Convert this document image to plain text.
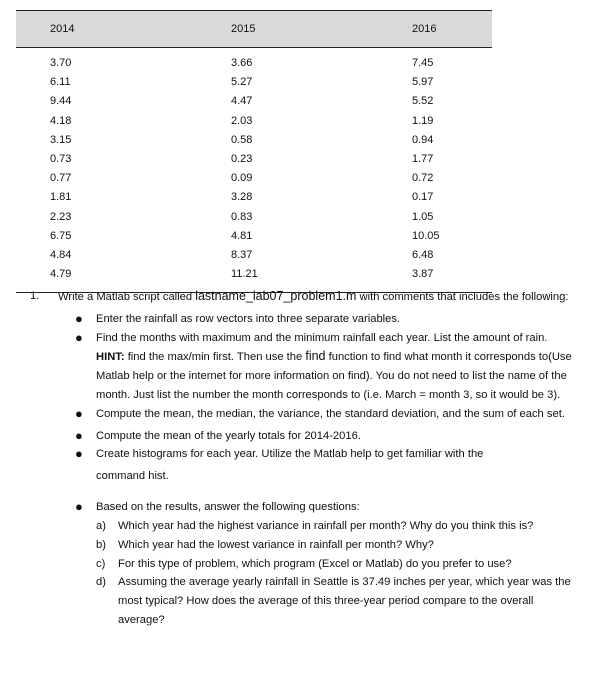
2014	2015	2016
3.70	3.66	7.45
6.11	5.27	5.97
9.44	4.47	5.52
4.18	2.03	1.19
3.15	0.58	0.94
0.73	0.23	1.77
0.77	0.09	0.72
1.81	3.28	0.17
2.23	0.83	1.05
6.75	4.81	10.05
4.84	8.37	6.48
4.79	11.21	3.87
1. Write a Matlab script called lastname_lab07_problem1.m with comments that includes the following:
● Enter the rainfall as row vectors into three separate variables.
● Find the months with maximum and the minimum rainfall each year. List the amount of rain. HINT: find the max/min first. Then use the find function to find what month it corresponds to(Use Matlab help or the internet for more information on find). You do not need to list the name of the month. Just list the number the month corresponds to (i.e. March = month 3, so it would be 3).
● Compute the mean, the median, the variance, the standard deviation, and the sum of each set.
● Compute the mean of the yearly totals for 2014-2016.
● Create histograms for each year. Utilize the Matlab help to get familiar with the
command hist.
● Based on the results, answer the following questions:
a) Which year had the highest variance in rainfall per month? Why do you think this is?
b) Which year had the lowest variance in rainfall per month? Why?
c) For this type of problem, which program (Excel or Matlab) do you prefer to use?
d) Assuming the average yearly rainfall in Seattle is 37.49 inches per year, which year was the most typical? How does the average of this three-year period compare to the overall average?
